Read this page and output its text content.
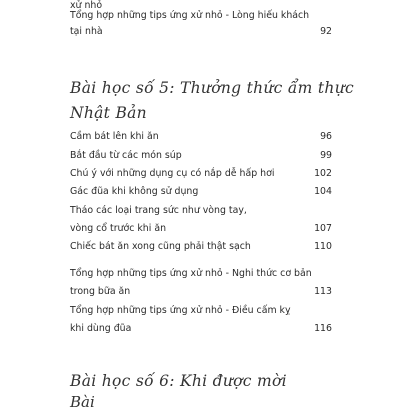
xử nhỏ
Tổng hợp những tips ứng xử nhỏ - Lòng hiếu khách
tại nhà	92
Bài học số 5: Thưởng thức ẩm thực
Nhật Bản
Cầm bát lên khi ăn	96
Bắt đầu từ các món súp	99
Chú ý với những dụng cụ có nắp dễ hấp hơi	102
Gác đũa khi không sử dụng	104
Tháo các loại trang sức như vòng tay,
vòng cổ trước khi ăn	107
Chiếc bát ăn xong cũng phải thật sạch	110
Tổng hợp những tips ứng xử nhỏ - Nghi thức cơ bản
trong bữa ăn	113
Tổng hợp những tips ứng xử nhỏ - Điều cấm kỵ
khi dùng đũa	116
Bài học số 6: Khi được mời
Bài
